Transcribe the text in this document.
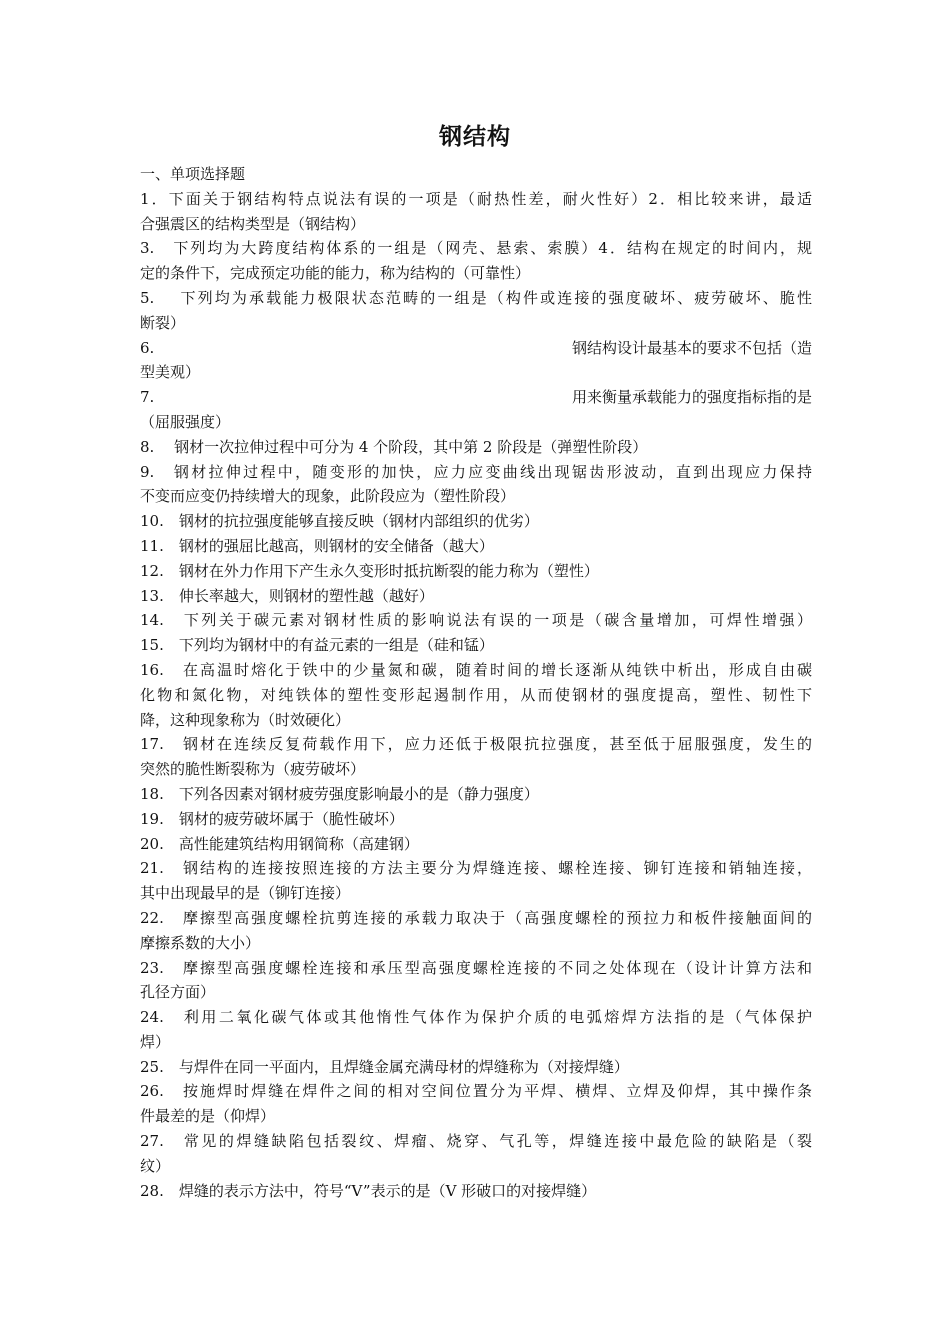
钢结构
一、单项选择题
1．下面关于钢结构特点说法有误的一项是（耐热性差，耐火性好）2．相比较来讲，最适
合强震区的结构类型是（钢结构）
3.　下列均为大跨度结构体系的一组是（网壳、悬索、索膜）4．结构在规定的时间内，规
定的条件下，完成预定功能的能力，称为结构的（可靠性）
5.　 下列均为承载能力极限状态范畴的一组是（构件或连接的强度破坏、疲劳破坏、脆性
断裂）
6.	钢结构设计最基本的要求不包括（造
型美观）
7.	用来衡量承载能力的强度指标指的是
（屈服强度）
8.　 钢材一次拉伸过程中可分为 4 个阶段，其中第 2 阶段是（弹塑性阶段）
9.　钢材拉伸过程中，随变形的加快，应力应变曲线出现锯齿形波动，直到出现应力保持
不变而应变仍持续增大的现象，此阶段应为（塑性阶段）
10.　钢材的抗拉强度能够直接反映（钢材内部组织的优劣）
11.　钢材的强屈比越高，则钢材的安全储备（越大）
12.　钢材在外力作用下产生永久变形时抵抗断裂的能力称为（塑性）
13.　伸长率越大，则钢材的塑性越（越好）
14.　下列关于碳元素对钢材性质的影响说法有误的一项是（碳含量增加，可焊性增强）
15.　下列均为钢材中的有益元素的一组是（硅和锰）
16.　在高温时熔化于铁中的少量氮和碳，随着时间的增长逐渐从纯铁中析出，形成自由碳
化物和氮化物，对纯铁体的塑性变形起遏制作用，从而使钢材的强度提高，塑性、韧性下
降，这种现象称为（时效硬化）
17.　钢材在连续反复荷载作用下，应力还低于极限抗拉强度，甚至低于屈服强度，发生的
突然的脆性断裂称为（疲劳破坏）
18.　下列各因素对钢材疲劳强度影响最小的是（静力强度）
19.　钢材的疲劳破坏属于（脆性破坏）
20.　高性能建筑结构用钢简称（高建钢）
21.　钢结构的连接按照连接的方法主要分为焊缝连接、螺栓连接、铆钉连接和销轴连接，
其中出现最早的是（铆钉连接）
22.　摩擦型高强度螺栓抗剪连接的承载力取决于（高强度螺栓的预拉力和板件接触面间的
摩擦系数的大小）
23.　摩擦型高强度螺栓连接和承压型高强度螺栓连接的不同之处体现在（设计计算方法和
孔径方面）
24.　利用二氧化碳气体或其他惰性气体作为保护介质的电弧熔焊方法指的是（气体保护
焊）
25.　与焊件在同一平面内，且焊缝金属充满母材的焊缝称为（对接焊缝）
26.　按施焊时焊缝在焊件之间的相对空间位置分为平焊、横焊、立焊及仰焊，其中操作条
件最差的是（仰焊）
27.　常见的焊缝缺陷包括裂纹、焊瘤、烧穿、气孔等，焊缝连接中最危险的缺陷是（裂
纹）
28.　焊缝的表示方法中，符号“V”表示的是（V 形破口的对接焊缝）
